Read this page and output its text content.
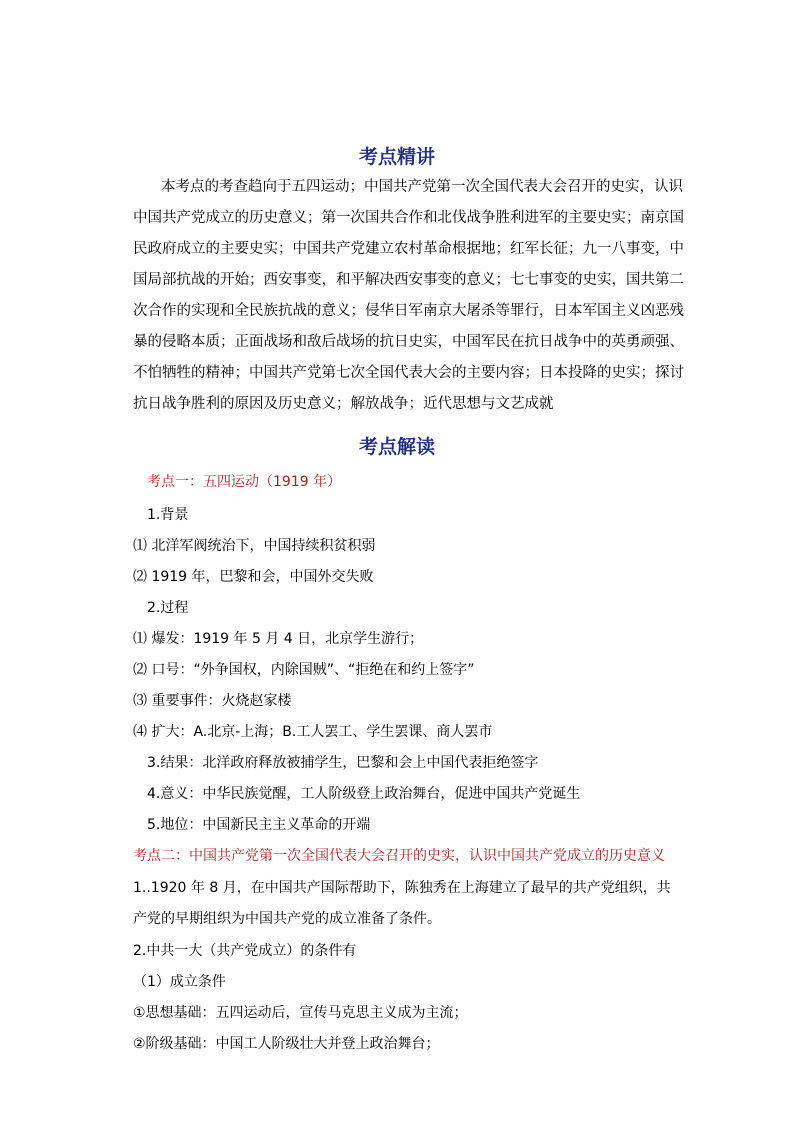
考点精讲
本考点的考查趋向于五四运动；中国共产党第一次全国代表大会召开的史实，认识
中国共产党成立的历史意义；第一次国共合作和北伐战争胜利进军的主要史实；南京国
民政府成立的主要史实；中国共产党建立农村革命根据地；红军长征；九一八事变，中
国局部抗战的开始；西安事变，和平解决西安事变的意义；七七事变的史实，国共第二
次合作的实现和全民族抗战的意义；侵华日军南京大屠杀等罪行，日本军国主义凶恶残
暴的侵略本质；正面战场和敌后战场的抗日史实，中国军民在抗日战争中的英勇顽强、
不怕牺牲的精神；中国共产党第七次全国代表大会的主要内容；日本投降的史实；探讨
抗日战争胜利的原因及历史意义；解放战争；近代思想与文艺成就
考点解读
考点一：五四运动（1919 年）
1.背景
⑴ 北洋军阀统治下，中国持续积贫积弱
⑵ 1919 年，巴黎和会，中国外交失败
2.过程
⑴ 爆发：1919 年 5 月 4 日，北京学生游行；
⑵ 口号：“外争国权，内除国贼”、“拒绝在和约上签字”
⑶ 重要事件：火烧赵家楼
⑷ 扩大：A.北京-上海；B.工人罢工、学生罢课、商人罢市
3.结果：北洋政府释放被捕学生，巴黎和会上中国代表拒绝签字
4.意义：中华民族觉醒，工人阶级登上政治舞台，促进中国共产党诞生
5.地位：中国新民主主义革命的开端
考点二：中国共产党第一次全国代表大会召开的史实，认识中国共产党成立的历史意义
1..1920 年 8 月，在中国共产国际帮助下，陈独秀在上海建立了最早的共产党组织，共
产党的早期组织为中国共产党的成立准备了条件。
2.中共一大（共产党成立）的条件有
（1）成立条件
①思想基础：五四运动后，宣传马克思主义成为主流；
②阶级基础：中国工人阶级壮大并登上政治舞台；
